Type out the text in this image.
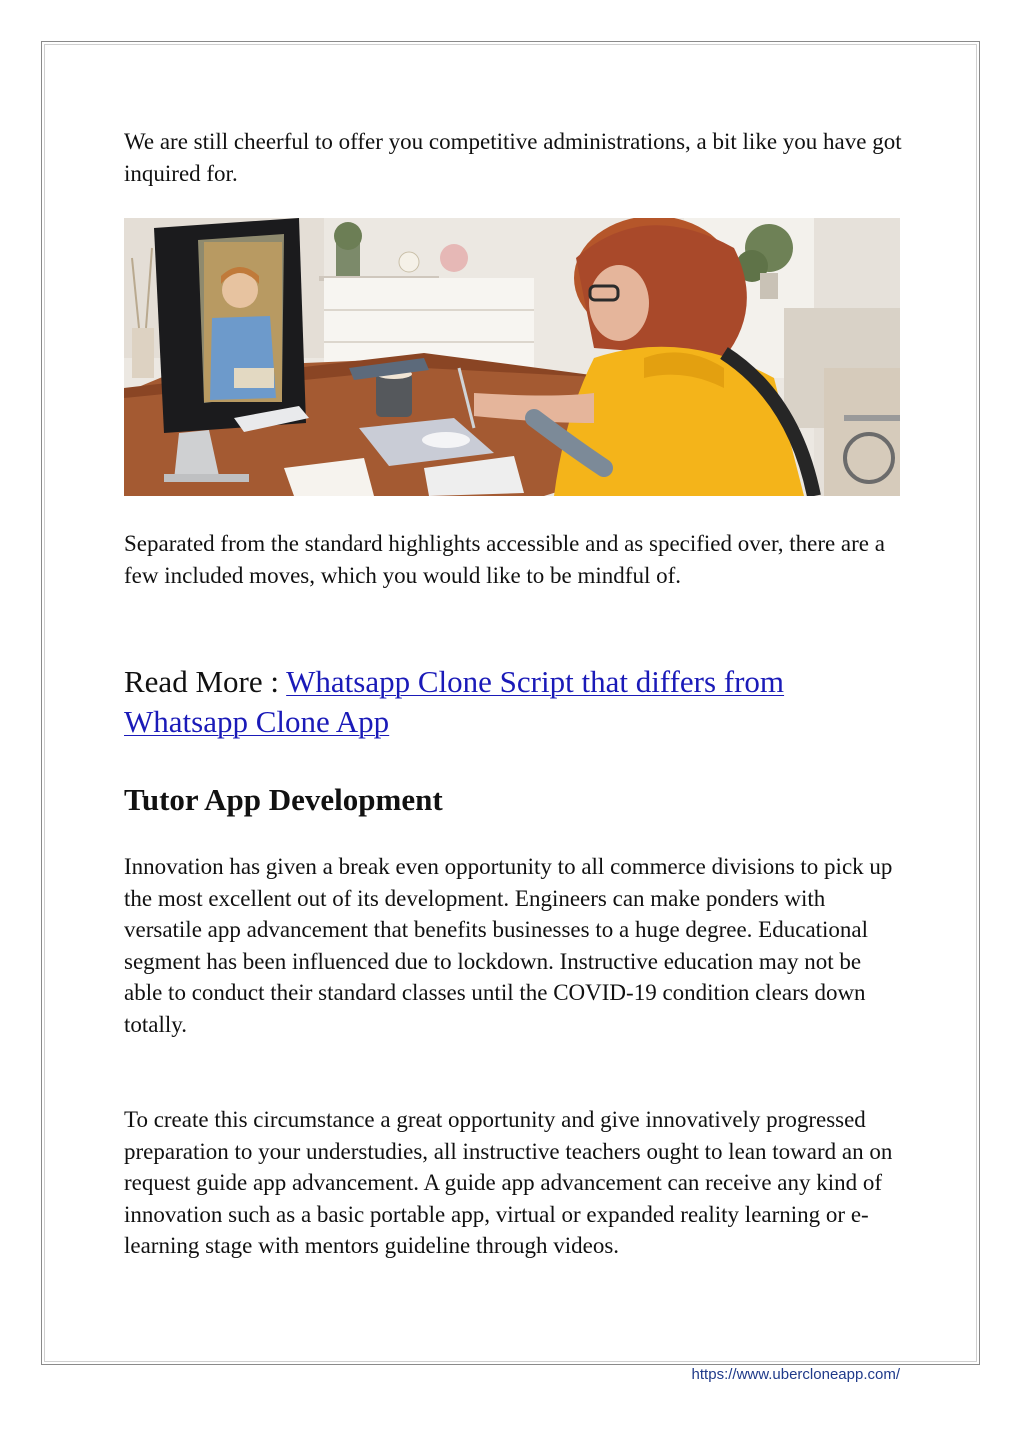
We are still cheerful to offer you competitive administrations, a bit like you have got inquired for.

Separated from the standard highlights accessible and as specified over, there are a few included moves, which you would like to be mindful of.

Read More : Whatsapp Clone Script that differs from Whatsapp Clone App

Tutor App Development

Innovation has given a break even opportunity to all commerce divisions to pick up the most excellent out of its development. Engineers can make ponders with versatile app advancement that benefits businesses to a huge degree. Educational segment has been influenced due to lockdown. Instructive education may not be able to conduct their standard classes until the COVID-19 condition clears down totally.

To create this circumstance a great opportunity and give innovatively progressed preparation to your understudies, all instructive teachers ought to lean toward an on request guide app advancement. A guide app advancement can receive any kind of innovation such as a basic portable app, virtual or expanded reality learning or e-learning stage with mentors guideline through videos.

https://www.ubercloneapp.com/
